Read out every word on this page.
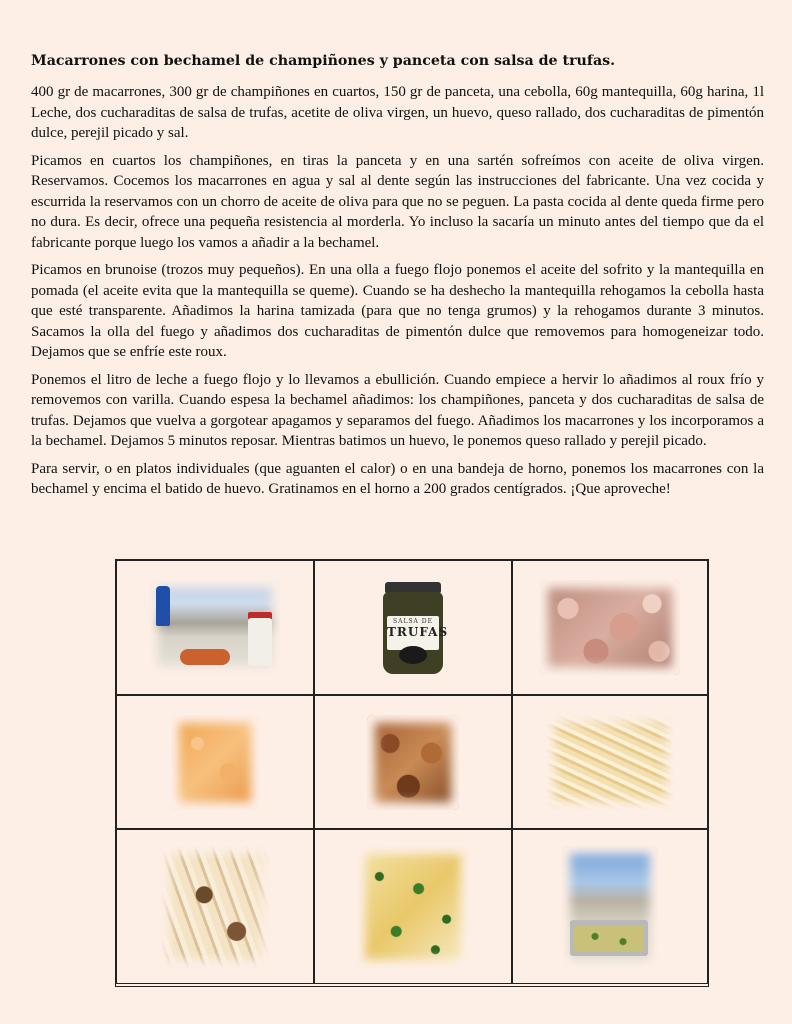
Macarrones con bechamel de champiñones y panceta con salsa de trufas.

400 gr de macarrones, 300 gr de champiñones en cuartos, 150 gr de panceta, una cebolla, 60g mantequilla, 60g harina, 1l Leche, dos cucharaditas de salsa de trufas, acetite de oliva virgen, un huevo, queso rallado, dos cucharaditas de pimentón dulce, perejil picado y sal.

Picamos en cuartos los champiñones, en tiras la panceta y en una sartén sofreímos con aceite de oliva virgen. Reservamos. Cocemos los macarrones en agua y sal al dente según las instrucciones del fabricante. Una vez cocida y escurrida la reservamos con un chorro de aceite de oliva para que no se peguen. La pasta cocida al dente queda firme pero no dura. Es decir, ofrece una pequeña resistencia al morderla. Yo incluso la sacaría un minuto antes del tiempo que da el fabricante porque luego los vamos a añadir a la bechamel.

Picamos en brunoise (trozos muy pequeños). En una olla a fuego flojo ponemos el aceite del sofrito y la mantequilla en pomada (el aceite evita que la mantequilla se queme). Cuando se ha deshecho la mantequilla rehogamos la cebolla hasta que esté transparente. Añadimos la harina tamizada (para que no tenga grumos) y la rehogamos durante 3 minutos. Sacamos la olla del fuego y añadimos dos cucharaditas de pimentón dulce que removemos para homogeneizar todo. Dejamos que se enfríe este roux.

Ponemos el litro de leche a fuego flojo y lo llevamos a ebullición. Cuando empiece a hervir lo añadimos al roux frío y removemos con varilla. Cuando espesa la bechamel añadimos: los champiñones, panceta y dos cucharaditas de salsa de trufas. Dejamos que vuelva a gorgotear apagamos y separamos del fuego. Añadimos los macarrones y los incorporamos a la bechamel. Dejamos 5 minutos reposar. Mientras batimos un huevo, le ponemos queso rallado y perejil picado.

Para servir, o en platos individuales (que aguanten el calor) o en una bandeja de horno, ponemos los macarrones con la bechamel y encima el batido de huevo. Gratinamos en el horno a 200 grados centígrados. ¡Que aproveche!

SALSA DE
TRUFAS
